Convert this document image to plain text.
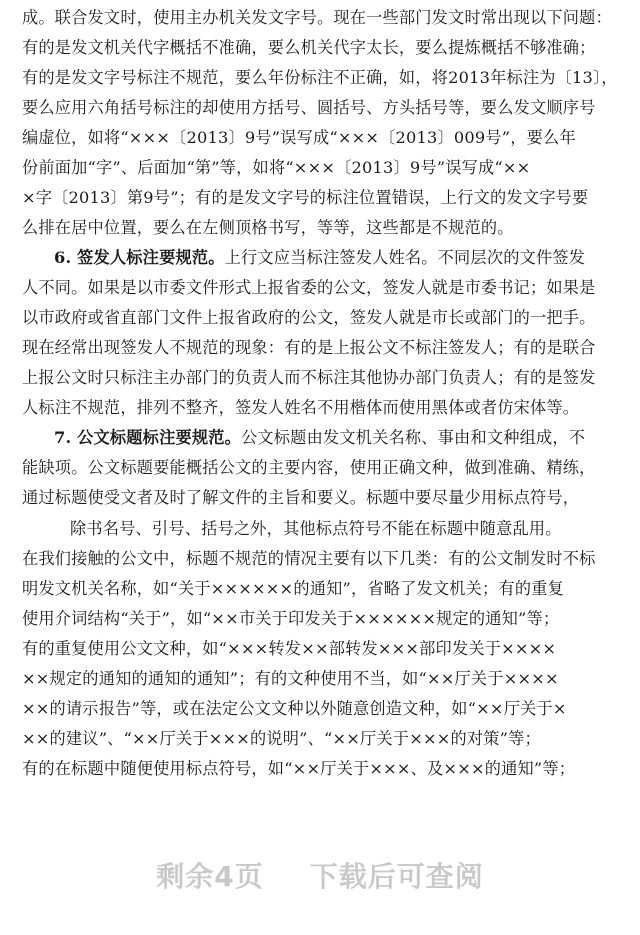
成。联合发文时，使用主办机关发文字号。现在一些部门发文时常出现以下问题：
有的是发文机关代字概括不准确，要么机关代字太长，要么提炼概括不够准确；
有的是发文字号标注不规范，要么年份标注不正确，如，将2013年标注为〔13〕，
要么应用六角括号标注的却使用方括号、圆括号、方头括号等，要么发文顺序号
编虚位，如将“×××〔2013〕9号”误写成“×××〔2013〕009号”，要么年
份前面加“字”、后面加“第”等，如将“×××〔2013〕9号”误写成“××
×字〔2013〕第9号”；有的是发文字号的标注位置错误，上行文的发文字号要
么排在居中位置，要么在左侧顶格书写，等等，这些都是不规范的。
6. 签发人标注要规范。上行文应当标注签发人姓名。不同层次的文件签发
人不同。如果是以市委文件形式上报省委的公文，签发人就是市委书记；如果是
以市政府或省直部门文件上报省政府的公文，签发人就是市长或部门的一把手。
现在经常出现签发人不规范的现象：有的是上报公文不标注签发人；有的是联合
上报公文时只标注主办部门的负责人而不标注其他协办部门负责人；有的是签发
人标注不规范，排列不整齐，签发人姓名不用楷体而使用黑体或者仿宋体等。
7. 公文标题标注要规范。公文标题由发文机关名称、事由和文种组成，不
能缺项。公文标题要能概括公文的主要内容，使用正确文种，做到准确、精练，
通过标题使受文者及时了解文件的主旨和要义。标题中要尽量少用标点符号，
除书名号、引号、括号之外，其他标点符号不能在标题中随意乱用。
在我们接触的公文中，标题不规范的情况主要有以下几类：有的公文制发时不标
明发文机关名称，如“关于××××××的通知”，省略了发文机关；有的重复
使用介词结构“关于”，如“××市关于印发关于××××××规定的通知”等；
有的重复使用公文文种，如“×××转发××部转发×××部印发关于××××
××规定的通知的通知的通知”；有的文种使用不当，如“××厅关于××××
××的请示报告”等，或在法定公文文种以外随意创造文种，如“××厅关于×
××的建议”、“××厅关于×××的说明”、“××厅关于×××的对策”等；
有的在标题中随便使用标点符号，如“××厅关于×××、及×××的通知”等；
剩余4页 下载后可查阅
